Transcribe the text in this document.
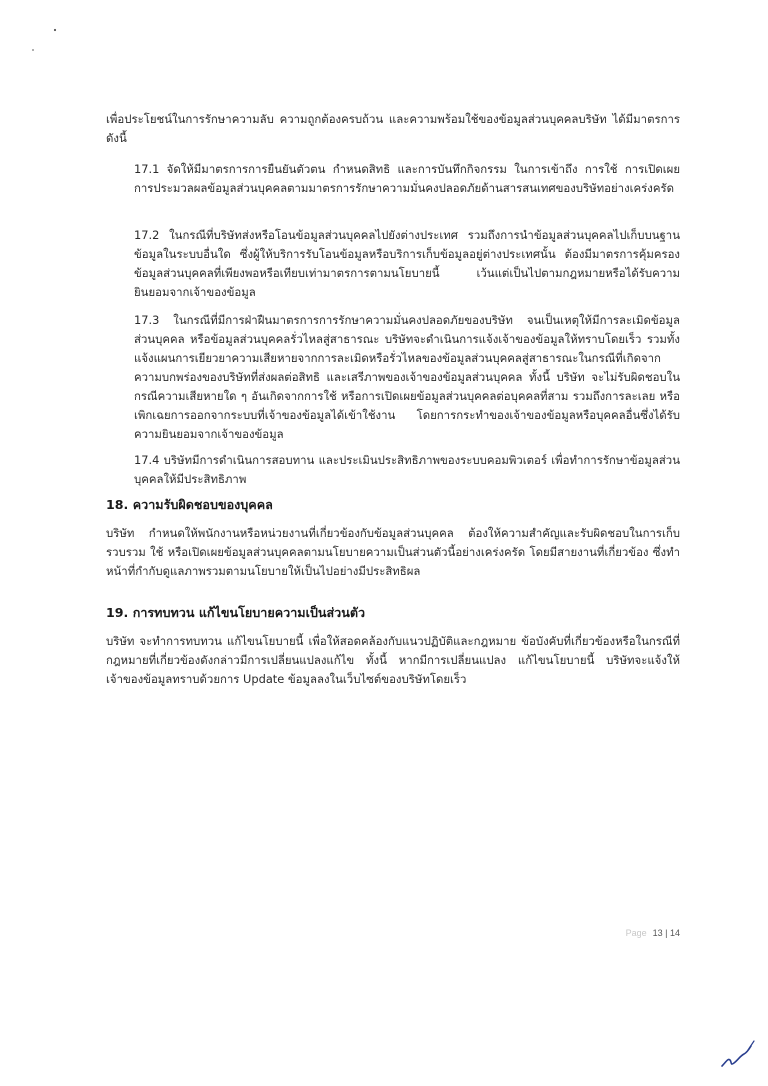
เพื่อประโยชน์ในการรักษาความลับ ความถูกต้องครบถ้วน และความพร้อมใช้ของข้อมูลส่วนบุคคลบริษัท ได้มีมาตรการดังนี้

17.1 จัดให้มีมาตรการการยืนยันตัวตน กำหนดสิทธิ และการบันทึกกิจกรรม ในการเข้าถึง การใช้ การเปิดเผย การประมวลผลข้อมูลส่วนบุคคลตามมาตรการรักษาความมั่นคงปลอดภัยด้านสารสนเทศของบริษัทอย่างเคร่งครัด

17.2 ในกรณีที่บริษัทส่งหรือโอนข้อมูลส่วนบุคคลไปยังต่างประเทศ รวมถึงการนำข้อมูลส่วนบุคคลไปเก็บบนฐานข้อมูลในระบบอื่นใด ซึ่งผู้ให้บริการรับโอนข้อมูลหรือบริการเก็บข้อมูลอยู่ต่างประเทศนั้น ต้องมีมาตรการคุ้มครองข้อมูลส่วนบุคคลที่เพียงพอหรือเทียบเท่ามาตรการตามนโยบายนี้ เว้นแต่เป็นไปตามกฎหมายหรือได้รับความยินยอมจากเจ้าของข้อมูล

17.3 ในกรณีที่มีการฝ่าฝืนมาตรการการรักษาความมั่นคงปลอดภัยของบริษัท จนเป็นเหตุให้มีการละเมิดข้อมูลส่วนบุคคล หรือข้อมูลส่วนบุคคลรั่วไหลสู่สาธารณะ บริษัทจะดำเนินการแจ้งเจ้าของข้อมูลให้ทราบโดยเร็ว รวมทั้งแจ้งแผนการเยียวยาความเสียหายจากการละเมิดหรือรั่วไหลของข้อมูลส่วนบุคคลสู่สาธารณะในกรณีที่เกิดจากความบกพร่องของบริษัทที่ส่งผลต่อสิทธิ และเสรีภาพของเจ้าของข้อมูลส่วนบุคคล ทั้งนี้ บริษัท จะไม่รับผิดชอบในกรณีความเสียหายใด ๆ อันเกิดจากการใช้ หรือการเปิดเผยข้อมูลส่วนบุคคลต่อบุคคลที่สาม รวมถึงการละเลย หรือเพิกเฉยการออกจากระบบที่เจ้าของข้อมูลได้เข้าใช้งาน โดยการกระทำของเจ้าของข้อมูลหรือบุคคลอื่นซึ่งได้รับความยินยอมจากเจ้าของข้อมูล

17.4 บริษัทมีการดำเนินการสอบทาน และประเมินประสิทธิภาพของระบบคอมพิวเตอร์ เพื่อทำการรักษาข้อมูลส่วนบุคคลให้มีประสิทธิภาพ

18. ความรับผิดชอบของบุคคล

บริษัท กำหนดให้พนักงานหรือหน่วยงานที่เกี่ยวข้องกับข้อมูลส่วนบุคคล ต้องให้ความสำคัญและรับผิดชอบในการเก็บรวบรวม ใช้ หรือเปิดเผยข้อมูลส่วนบุคคลตามนโยบายความเป็นส่วนตัวนี้อย่างเคร่งครัด โดยมีสายงานที่เกี่ยวข้อง ซึ่งทำหน้าที่กำกับดูแลภาพรวมตามนโยบายให้เป็นไปอย่างมีประสิทธิผล

19. การทบทวน แก้ไขนโยบายความเป็นส่วนตัว

บริษัท จะทำการทบทวน แก้ไขนโยบายนี้ เพื่อให้สอดคล้องกับแนวปฏิบัติและกฎหมาย ข้อบังคับที่เกี่ยวข้องหรือในกรณีที่กฎหมายที่เกี่ยวข้องดังกล่าวมีการเปลี่ยนแปลงแก้ไข ทั้งนี้ หากมีการเปลี่ยนแปลง แก้ไขนโยบายนี้ บริษัทจะแจ้งให้เจ้าของข้อมูลทราบด้วยการ Update ข้อมูลลงในเว็บไซต์ของบริษัทโดยเร็ว

Page 13 | 14
